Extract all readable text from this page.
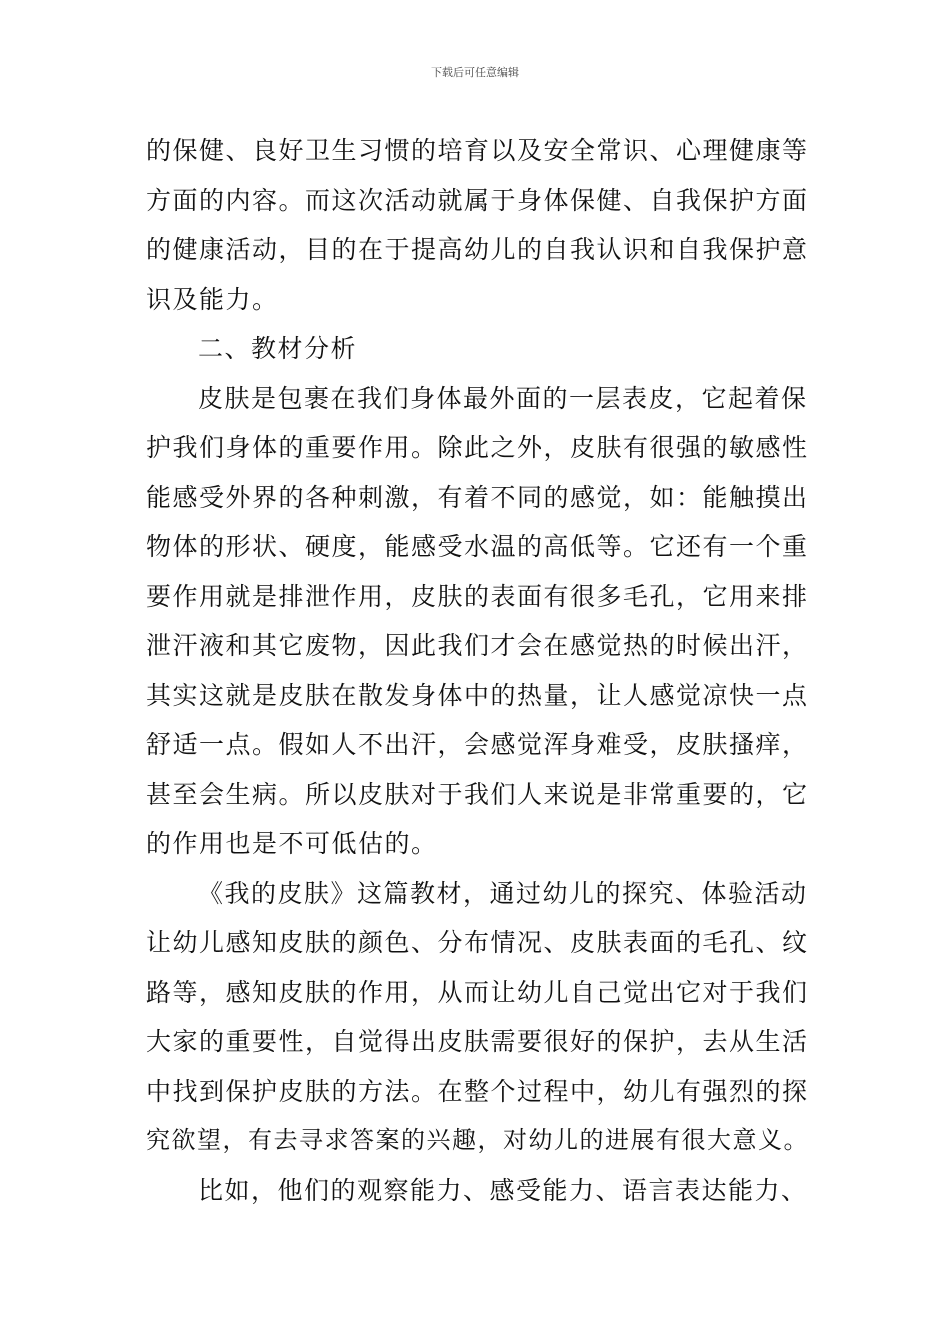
下载后可任意编辑
的保健、良好卫生习惯的培育以及安全常识、心理健康等
方面的内容。而这次活动就属于身体保健、自我保护方面
的健康活动，目的在于提高幼儿的自我认识和自我保护意
识及能力。
二、教材分析
皮肤是包裹在我们身体最外面的一层表皮，它起着保
护我们身体的重要作用。除此之外，皮肤有很强的敏感性
能感受外界的各种刺激，有着不同的感觉，如：能触摸出
物体的形状、硬度，能感受水温的高低等。它还有一个重
要作用就是排泄作用，皮肤的表面有很多毛孔，它用来排
泄汗液和其它废物，因此我们才会在感觉热的时候出汗，
其实这就是皮肤在散发身体中的热量，让人感觉凉快一点
舒适一点。假如人不出汗，会感觉浑身难受，皮肤搔痒，
甚至会生病。所以皮肤对于我们人来说是非常重要的，它
的作用也是不可低估的。
《我的皮肤》这篇教材，通过幼儿的探究、体验活动
让幼儿感知皮肤的颜色、分布情况、皮肤表面的毛孔、纹
路等，感知皮肤的作用，从而让幼儿自己觉出它对于我们
大家的重要性，自觉得出皮肤需要很好的保护，去从生活
中找到保护皮肤的方法。在整个过程中，幼儿有强烈的探
究欲望，有去寻求答案的兴趣，对幼儿的进展有很大意义。
比如，他们的观察能力、感受能力、语言表达能力、
